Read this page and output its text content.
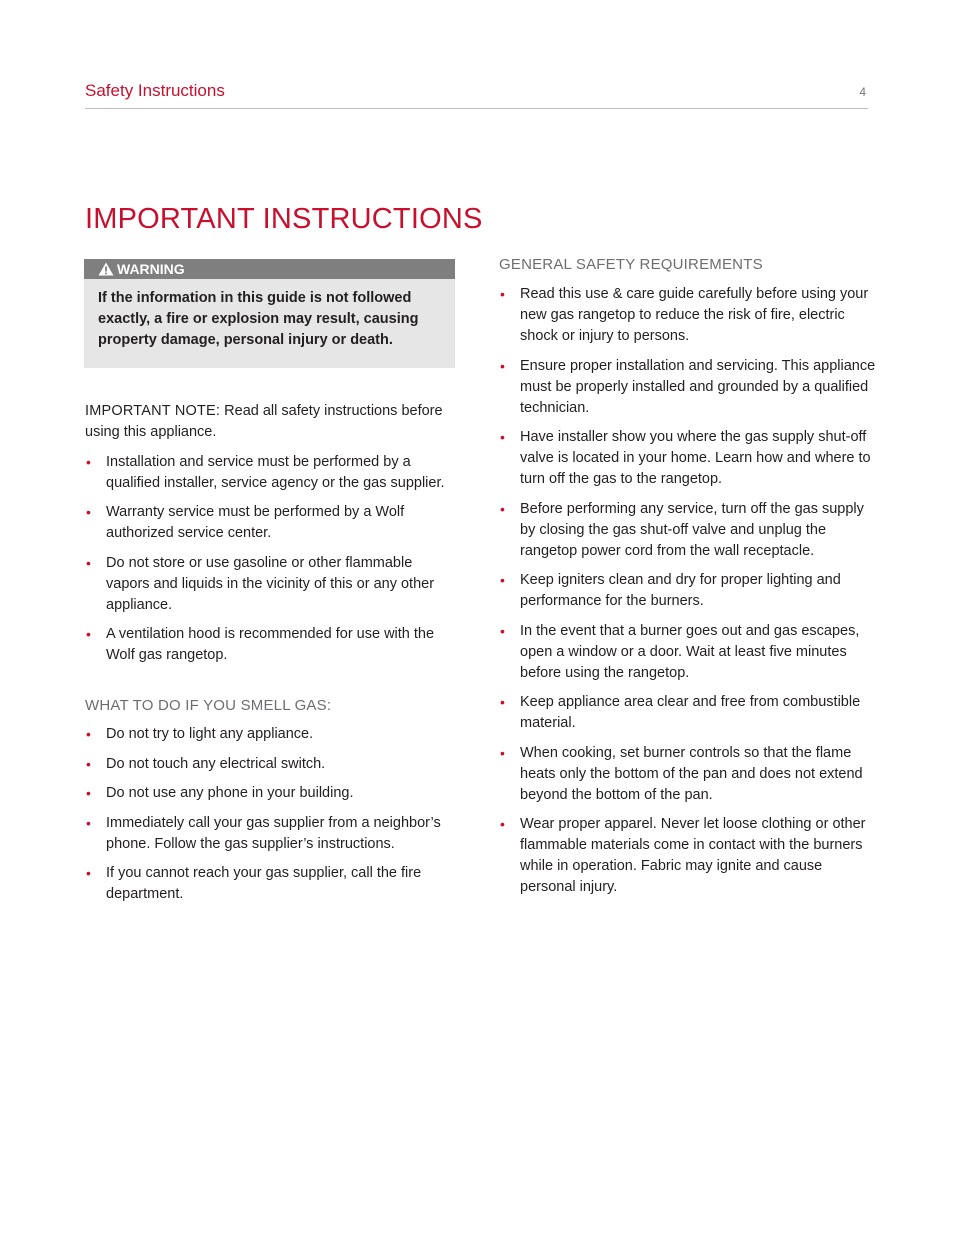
Safety Instructions	4
IMPORTANT INSTRUCTIONS
WARNING
If the information in this guide is not followed exactly, a fire or explosion may result, causing property damage, personal injury or death.
IMPORTANT NOTE: Read all safety instructions before using this appliance.
• Installation and service must be performed by a qualified installer, service agency or the gas supplier.
• Warranty service must be performed by a Wolf authorized service center.
• Do not store or use gasoline or other flammable vapors and liquids in the vicinity of this or any other appliance.
• A ventilation hood is recommended for use with the Wolf gas rangetop.
WHAT TO DO IF YOU SMELL GAS:
• Do not try to light any appliance.
• Do not touch any electrical switch.
• Do not use any phone in your building.
• Immediately call your gas supplier from a neighbor’s phone. Follow the gas supplier’s instructions.
• If you cannot reach your gas supplier, call the fire department.
GENERAL SAFETY REQUIREMENTS
• Read this use & care guide carefully before using your new gas rangetop to reduce the risk of fire, electric shock or injury to persons.
• Ensure proper installation and servicing. This appliance must be properly installed and grounded by a qualified technician.
• Have installer show you where the gas supply shut-off valve is located in your home. Learn how and where to turn off the gas to the rangetop.
• Before performing any service, turn off the gas supply by closing the gas shut-off valve and unplug the rangetop power cord from the wall receptacle.
• Keep igniters clean and dry for proper lighting and performance for the burners.
• In the event that a burner goes out and gas escapes, open a window or a door. Wait at least five minutes before using the rangetop.
• Keep appliance area clear and free from combustible material.
• When cooking, set burner controls so that the flame heats only the bottom of the pan and does not extend beyond the bottom of the pan.
• Wear proper apparel. Never let loose clothing or other flammable materials come in contact with the burners while in operation. Fabric may ignite and cause personal injury.
